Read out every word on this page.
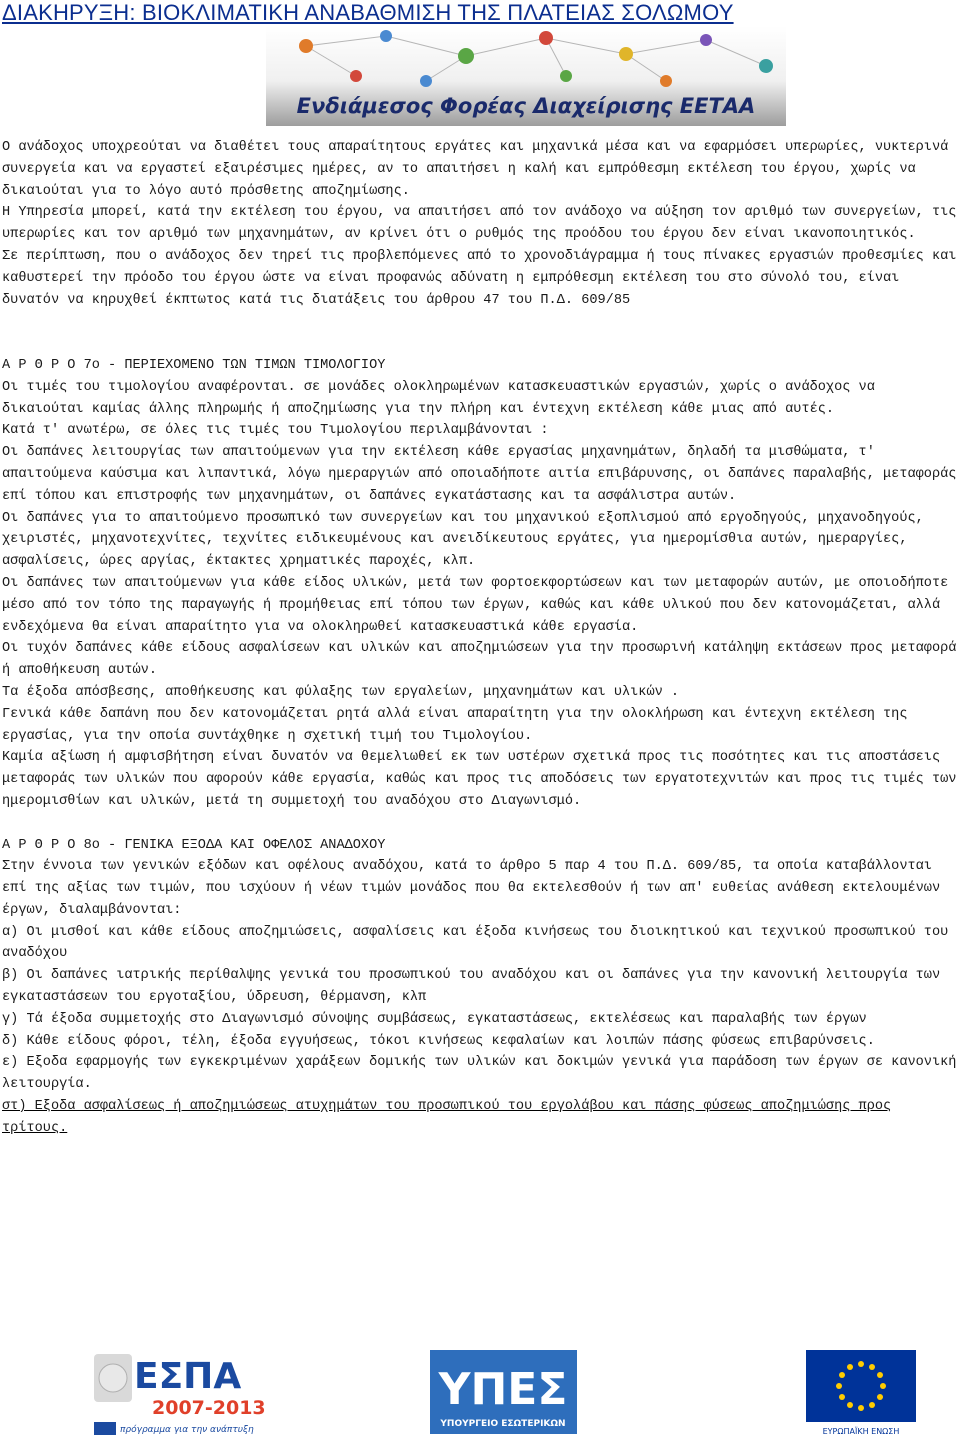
ΔΙΑΚΗΡΥΞΗ: ΒΙΟΚΛΙΜΑΤΙΚΗ ΑΝΑΒΑΘΜΙΣΗ ΤΗΣ ΠΛΑΤΕΙΑΣ ΣΟΛΩΜΟΥ
Ενδιάμεσος Φορέας Διαχείρισης ΕΕΤΑΑ

Ο ανάδοχος υποχρεούται να διαθέτει τους απαραίτητους εργάτες και μηχανικά μέσα και να εφαρμόσει υπερωρίες, νυκτερινά συνεργεία και να εργαστεί εξαιρέσιμες ημέρες, αν το απαιτήσει η καλή και εμπρόθεσμη εκτέλεση του έργου, χωρίς να δικαιούται για το λόγο αυτό πρόσθετης αποζημίωσης.

Η Υπηρεσία μπορεί, κατά την εκτέλεση του έργου, να απαιτήσει από τον ανάδοχο να αύξηση τον αριθμό των συνεργείων, τις υπερωρίες και τον αριθμό των μηχανημάτων, αν κρίνει ότι ο ρυθμός της προόδου του έργου δεν είναι ικανοποιητικός.

Σε περίπτωση, που ο ανάδοχος δεν τηρεί τις προβλεπόμενες από το χρονοδιάγραμμα ή τους πίνακες εργασιών προθεσμίες και καθυστερεί την πρόοδο του έργου ώστε να είναι προφανώς αδύνατη η εμπρόθεσμη εκτέλεση του στο σύνολό του, είναι δυνατόν να κηρυχθεί έκπτωτος κατά τις διατάξεις του άρθρου 47 του Π.Δ. 609/85

Α Ρ Θ Ρ Ο 7ο - ΠΕΡΙΕΧΟΜΕΝΟ ΤΩΝ ΤΙΜΩΝ ΤΙΜΟΛΟΓΙΟΥ

Οι τιμές του τιμολογίου αναφέρονται. σε μονάδες ολοκληρωμένων κατασκευαστικών εργασιών, χωρίς ο ανάδοχος να δικαιούται καμίας άλλης πληρωμής ή αποζημίωσης για την πλήρη και έντεχνη εκτέλεση κάθε μιας από αυτές.

Κατά τ' ανωτέρω, σε όλες τις τιμές του Τιμολογίου περιλαμβάνονται :

Οι δαπάνες λειτουργίας των απαιτούμενων για την εκτέλεση κάθε εργασίας μηχανημάτων, δηλαδή τα μισθώματα, τ' απαιτούμενα καύσιμα και λιπαντικά, λόγω ημεραργιών από οποιαδήποτε αιτία επιβάρυνσης, οι δαπάνες παραλαβής, μεταφοράς επί τόπου και επιστροφής των μηχανημάτων, οι δαπάνες εγκατάστασης και τα ασφάλιστρα αυτών.

Οι δαπάνες για το απαιτούμενο προσωπικό των συνεργείων και του μηχανικού εξοπλισμού από εργοδηγούς, μηχανοδηγούς, χειριστές, μηχανοτεχνίτες, τεχνίτες ειδικευμένους και ανειδίκευτους εργάτες, για ημερομίσθια αυτών, ημεραργίες, ασφαλίσεις, ώρες αργίας, έκτακτες χρηματικές παροχές, κλπ.

Οι δαπάνες των απαιτούμενων για κάθε είδος υλικών, μετά των φορτοεκφορτώσεων και των μεταφορών αυτών, με οποιοδήποτε μέσο από τον τόπο της παραγωγής ή προμήθειας επί τόπου των έργων, καθώς και κάθε υλικού που δεν κατονομάζεται, αλλά ενδεχόμενα θα είναι απαραίτητο για να ολοκληρωθεί κατασκευαστικά κάθε εργασία.

Οι τυχόν δαπάνες κάθε είδους ασφαλίσεων και υλικών και αποζημιώσεων για την προσωρινή κατάληψη εκτάσεων προς μεταφορά ή αποθήκευση αυτών.

Τα έξοδα απόσβεσης, αποθήκευσης και φύλαξης των εργαλείων, μηχανημάτων και υλικών .

Γενικά κάθε δαπάνη που δεν κατονομάζεται ρητά αλλά είναι απαραίτητη για την ολοκλήρωση και έντεχνη εκτέλεση της εργασίας, για την οποία συντάχθηκε η σχετική τιμή του Τιμολογίου.

Καμία αξίωση ή αμφισβήτηση είναι δυνατόν να θεμελιωθεί εκ των υστέρων σχετικά προς τις ποσότητες και τις αποστάσεις μεταφοράς των υλικών που αφορούν κάθε εργασία, καθώς και προς τις αποδόσεις των εργατοτεχνιτών και προς τις τιμές των ημερομισθίων και υλικών, μετά τη συμμετοχή του αναδόχου στο Διαγωνισμό.

Α Ρ Θ Ρ Ο 8ο - ΓΕΝΙΚΑ ΕΞΟΔΑ ΚΑΙ ΟΦΕΛΟΣ ΑΝΑΔΟΧΟΥ

Στην έννοια των γενικών εξόδων και οφέλους αναδόχου, κατά το άρθρο 5 παρ 4 του Π.Δ. 609/85, τα οποία καταβάλλονται επί της αξίας των τιμών, που ισχύουν ή νέων τιμών μονάδος που θα εκτελεσθούν ή των απ' ευθείας ανάθεση εκτελουμένων έργων, διαλαμβάνονται:

α) Οι μισθοί και κάθε είδους αποζημιώσεις, ασφαλίσεις και έξοδα κινήσεως του διοικητικού και τεχνικού προσωπικού του αναδόχου

β) Οι δαπάνες ιατρικής περίθαλψης γενικά του προσωπικού του αναδόχου και οι δαπάνες για την κανονική λειτουργία των εγκαταστάσεων του εργοταξίου, ύδρευση, θέρμανση, κλπ

γ) Τά έξοδα συμμετοχής στο Διαγωνισμό σύνοψης συμβάσεως, εγκαταστάσεως, εκτελέσεως και παραλαβής των έργων

δ) Κάθε είδους φόροι, τέλη, έξοδα εγγυήσεως, τόκοι κινήσεως κεφαλαίων και λοιπών πάσης φύσεως επιβαρύνσεις.

ε) Εξοδα εφαρμογής των εγκεκριμένων χαράξεων δομικής των υλικών και δοκιμών γενικά για παράδοση των έργων σε κανονική λειτουργία.

στ) Εξοδα ασφαλίσεως ή αποζημιώσεως ατυχημάτων του προσωπικού του εργολάβου και πάσης φύσεως αποζημιώσης προς τρίτους.

ΕΣΠΑ
2007-2013
πρόγραμμα για την ανάπτυξη
ΥΠΕΣ
ΥΠΟΥΡΓΕΙΟ ΕΣΩΤΕΡΙΚΩΝ
ΕΥΡΩΠΑΪΚΗ ΕΝΩΣΗ
